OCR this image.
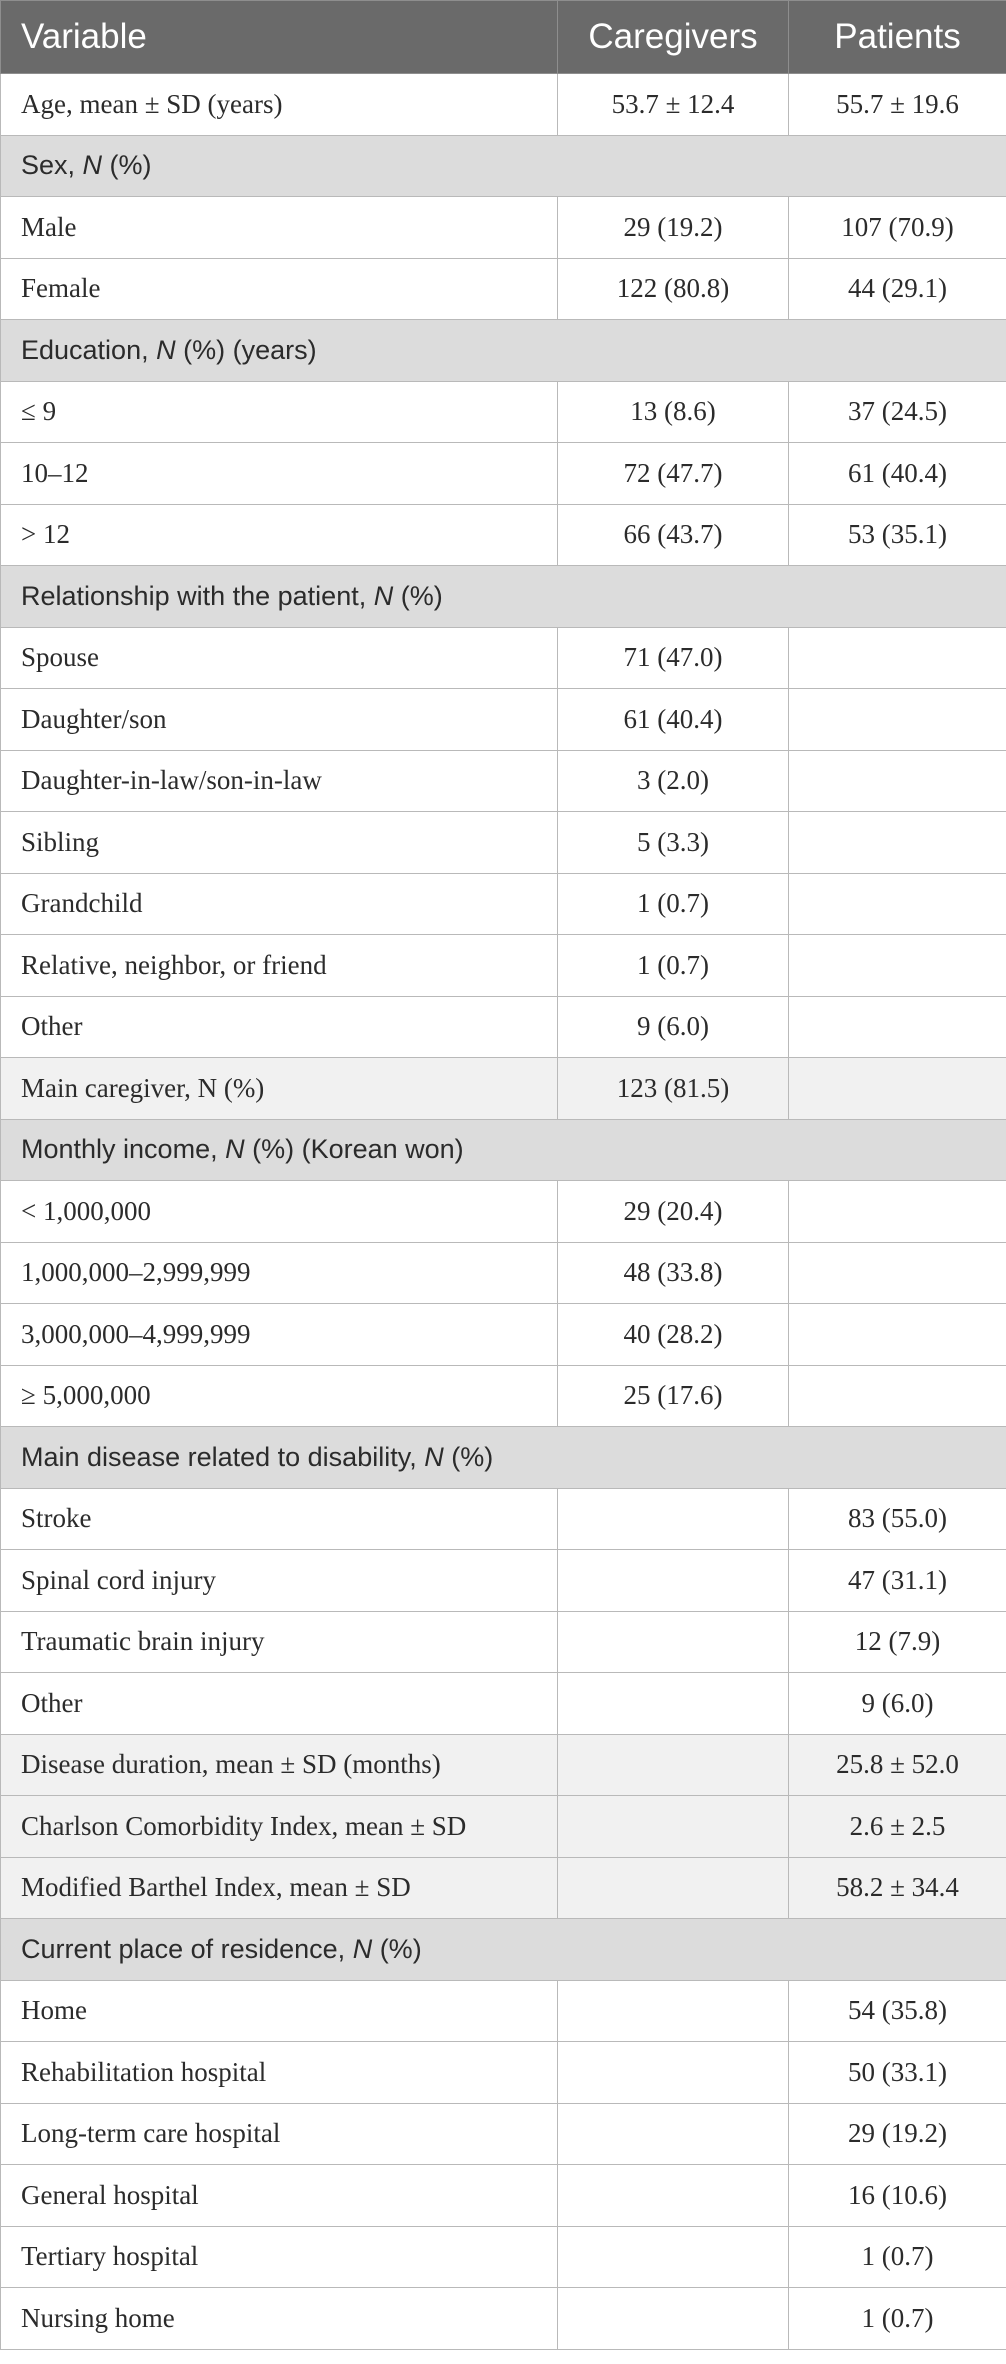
Variable	Caregivers	Patients
Age, mean ± SD (years)	53.7 ± 12.4	55.7 ± 19.6
Sex, N (%)		
Male	29 (19.2)	107 (70.9)
Female	122 (80.8)	44 (29.1)
Education, N (%) (years)		
≤ 9	13 (8.6)	37 (24.5)
10–12	72 (47.7)	61 (40.4)
> 12	66 (43.7)	53 (35.1)
Relationship with the patient, N (%)		
Spouse	71 (47.0)	
Daughter/son	61 (40.4)	
Daughter-in-law/son-in-law	3 (2.0)	
Sibling	5 (3.3)	
Grandchild	1 (0.7)	
Relative, neighbor, or friend	1 (0.7)	
Other	9 (6.0)	
Main caregiver, N (%)	123 (81.5)	
Monthly income, N (%) (Korean won)		
< 1,000,000	29 (20.4)	
1,000,000–2,999,999	48 (33.8)	
3,000,000–4,999,999	40 (28.2)	
≥ 5,000,000	25 (17.6)	
Main disease related to disability, N (%)		
Stroke		83 (55.0)
Spinal cord injury		47 (31.1)
Traumatic brain injury		12 (7.9)
Other		9 (6.0)
Disease duration, mean ± SD (months)		25.8 ± 52.0
Charlson Comorbidity Index, mean ± SD		2.6 ± 2.5
Modified Barthel Index, mean ± SD		58.2 ± 34.4
Current place of residence, N (%)		
Home		54 (35.8)
Rehabilitation hospital		50 (33.1)
Long-term care hospital		29 (19.2)
General hospital		16 (10.6)
Tertiary hospital		1 (0.7)
Nursing home		1 (0.7)
